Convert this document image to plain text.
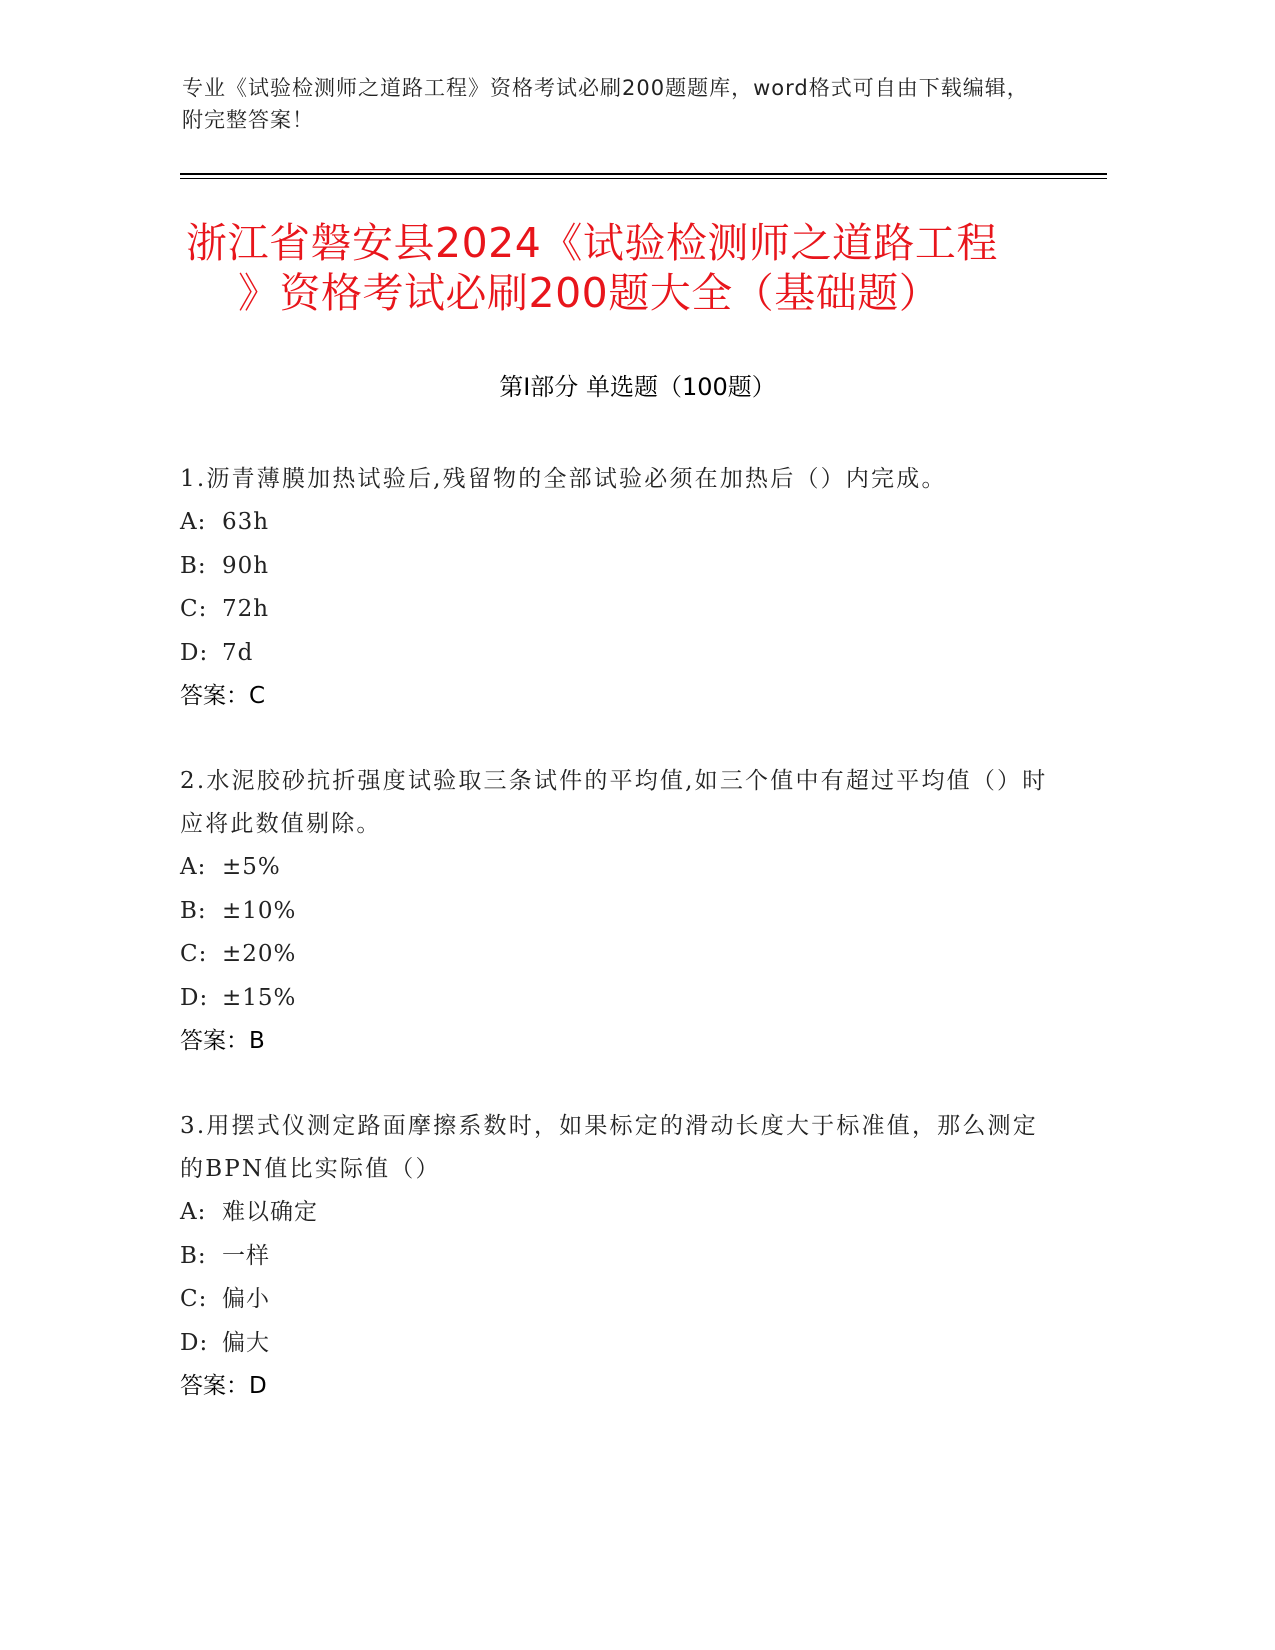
专业《试验检测师之道路工程》资格考试必刷200题题库，word格式可自由下载编辑，附完整答案！
浙江省磐安县2024《试验检测师之道路工程
》资格考试必刷200题大全（基础题）
第Ⅰ部分 单选题（100题）
1.沥青薄膜加热试验后,残留物的全部试验必须在加热后（）内完成。
A: 63h
B: 90h
C: 72h
D: 7d
答案：C
2.水泥胶砂抗折强度试验取三条试件的平均值,如三个值中有超过平均值（）时应将此数值剔除。
A: ±5%
B: ±10%
C: ±20%
D: ±15%
答案：B
3.用摆式仪测定路面摩擦系数时，如果标定的滑动长度大于标准值，那么测定的BPN值比实际值（）
A: 难以确定
B: 一样
C: 偏小
D: 偏大
答案：D
